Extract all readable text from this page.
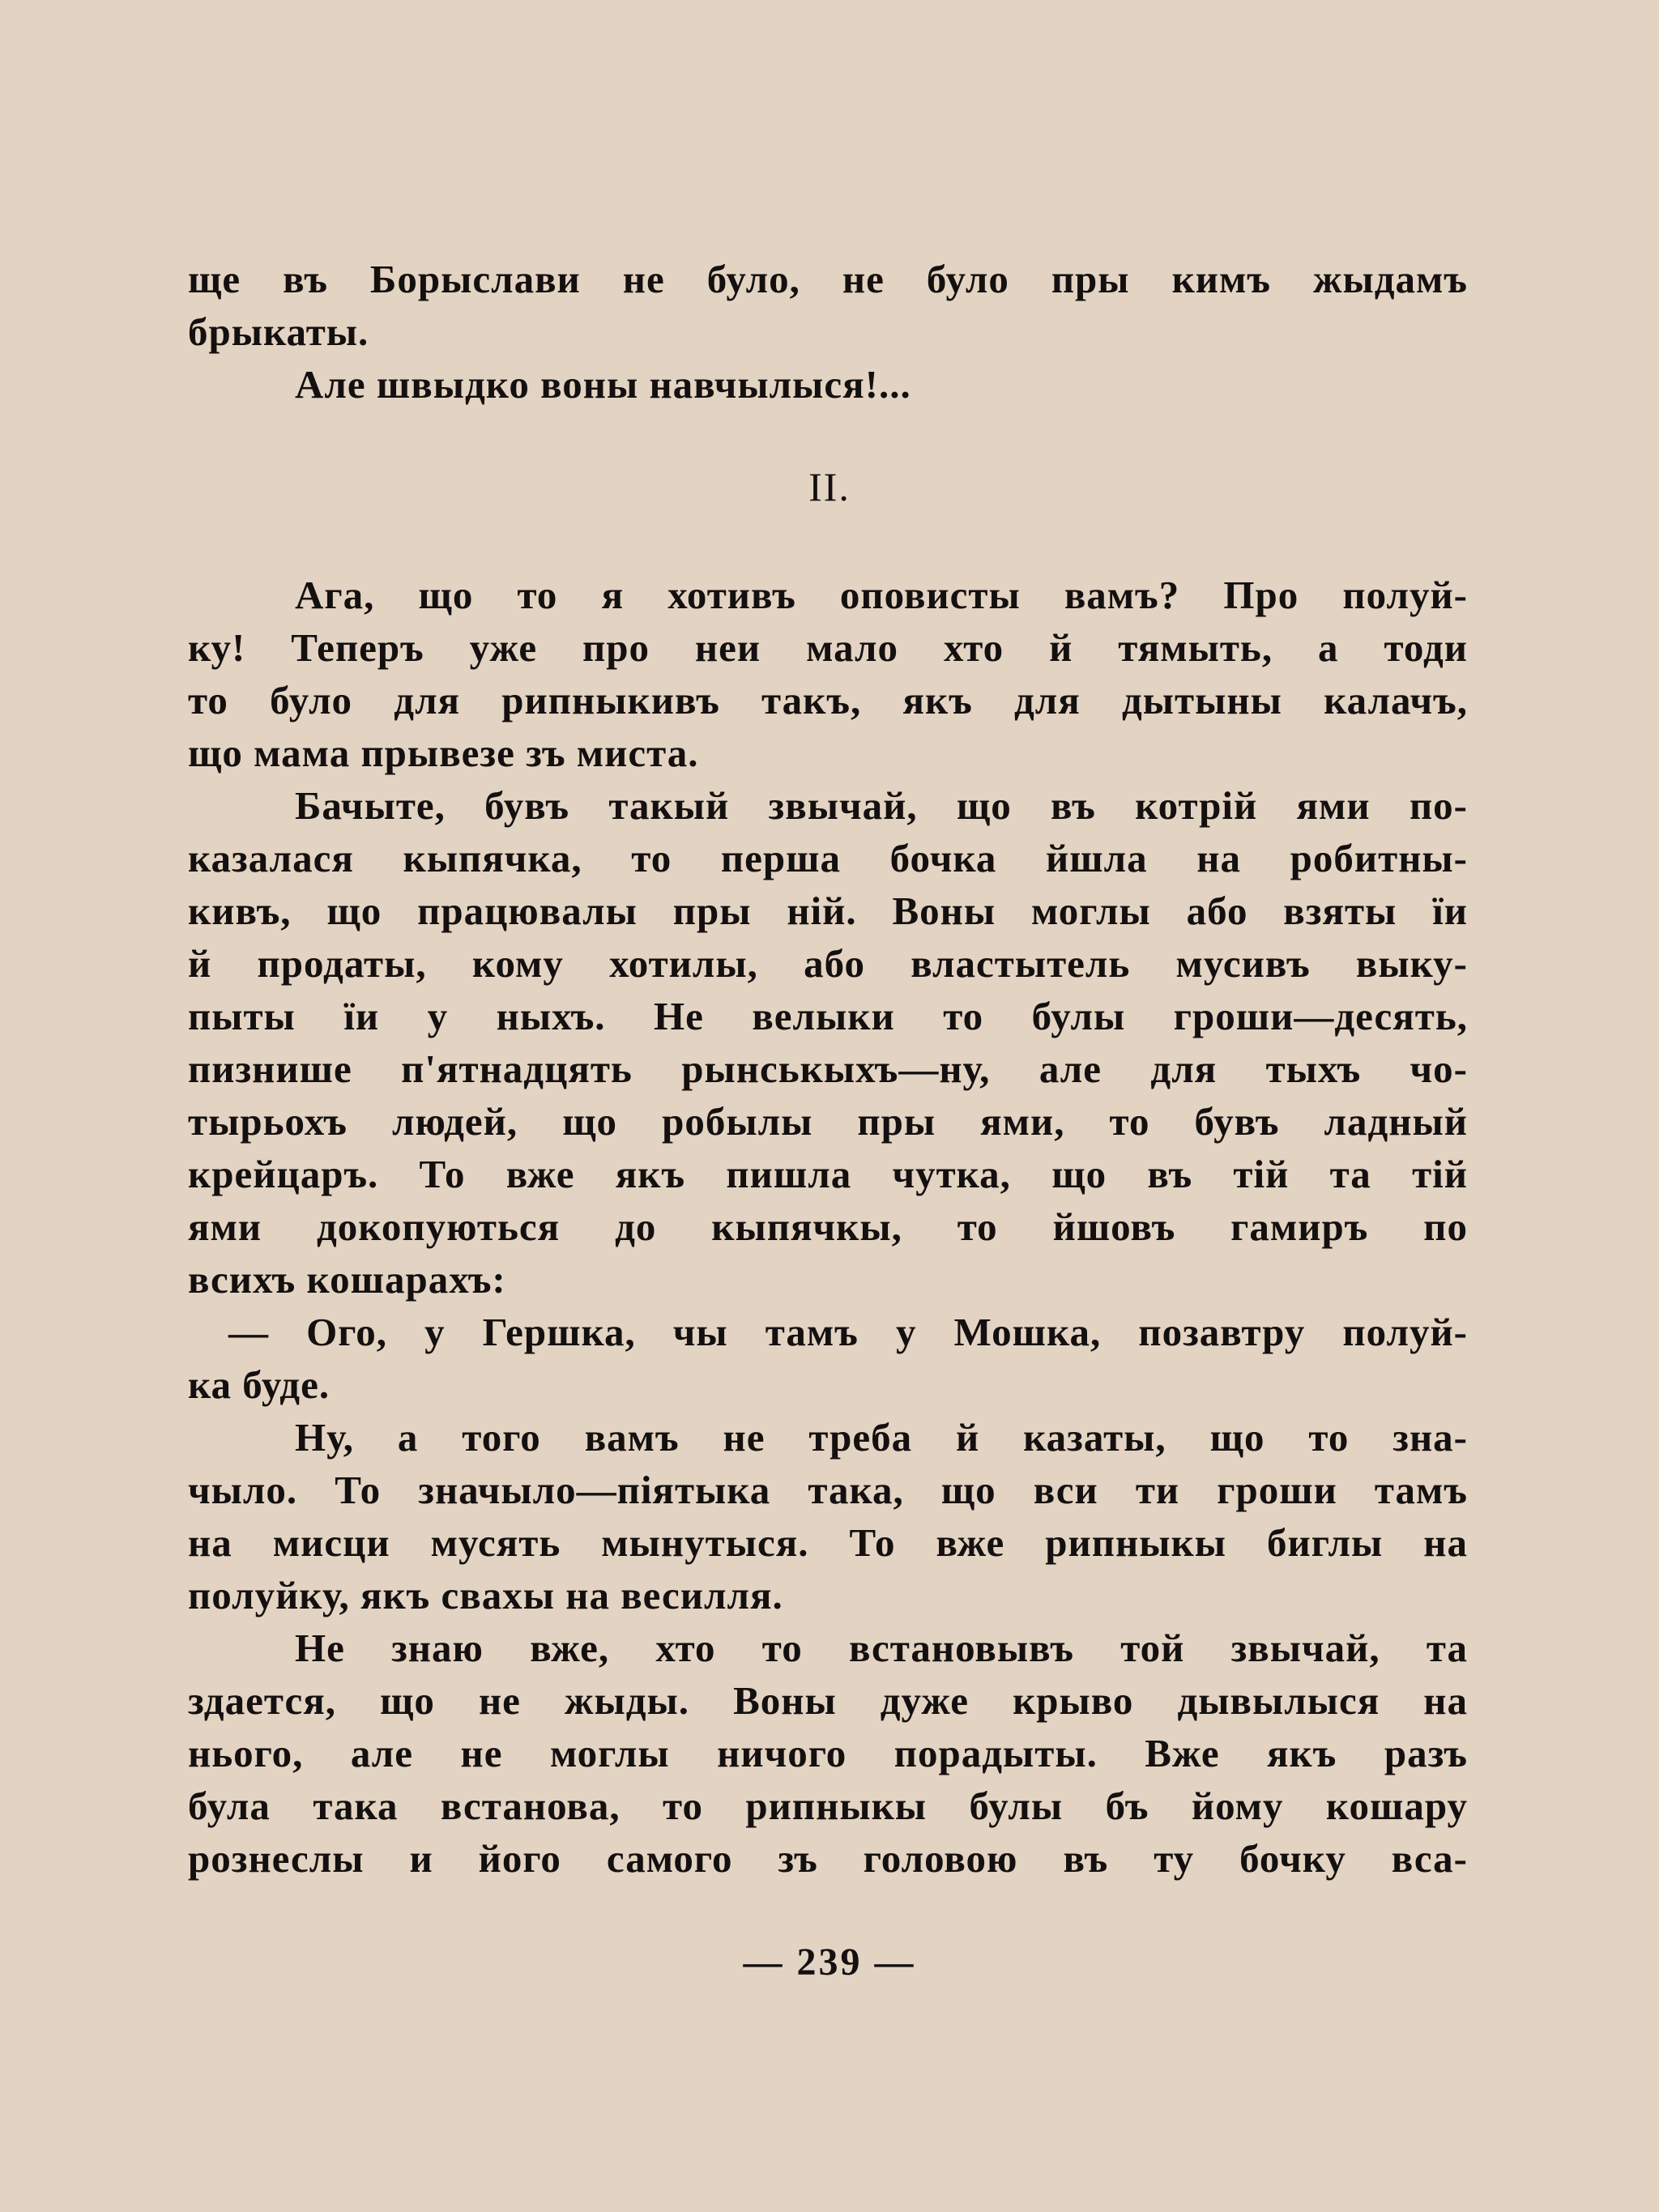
ще въ Борыслави не було, не було пры кимъ жыдамъ
брыкаты.
Але швыдко воны навчылыся!...
II.
Ага, що то я хотивъ оповисты вамъ? Про полуй-
ку! Теперъ уже про неи мало хто й тямыть, а тоди
то було для рипныкивъ такъ, якъ для дытыны калачъ,
що мама прывезе зъ миста.
Бачыте, бувъ такый звычай, що въ котрій ями по-
казалася кыпячка, то перша бочка йшла на робитны-
кивъ, що працювалы пры ній. Воны моглы або взяты ïи
й продаты, кому хотилы, або властытель мусивъ выку-
пыты ïи у ныхъ. Не велыки то булы гроши—десять,
пизнише п'ятнадцять рынськыхъ—ну, але для тыхъ чо-
тырьохъ людей, що робылы пры ями, то бувъ ладный
крейцаръ. То вже якъ пишла чутка, що въ тій та тій
ями докопуються до кыпячкы, то йшовъ гамиръ по
всихъ кошарахъ:
— Ого, у Гершка, чы тамъ у Мошка, позавтру полуй-
ка буде.
Ну, а того вамъ не треба й казаты, що то зна-
чыло. То значыло—пiятыка така, що вси ти гроши тамъ
на мисци мусять мынутыся. То вже рипныкы биглы на
полуйку, якъ свахы на весилля.
Не знаю вже, хто то встановывъ той звычай, та
здается, що не жыды. Воны дуже крыво дывылыся на
нього, але не моглы ничого порадыты. Вже якъ разъ
була така встанова, то рипныкы булы бъ йому кошару
рознеслы и його самого зъ головою въ ту бочку вса-
— 239 —
